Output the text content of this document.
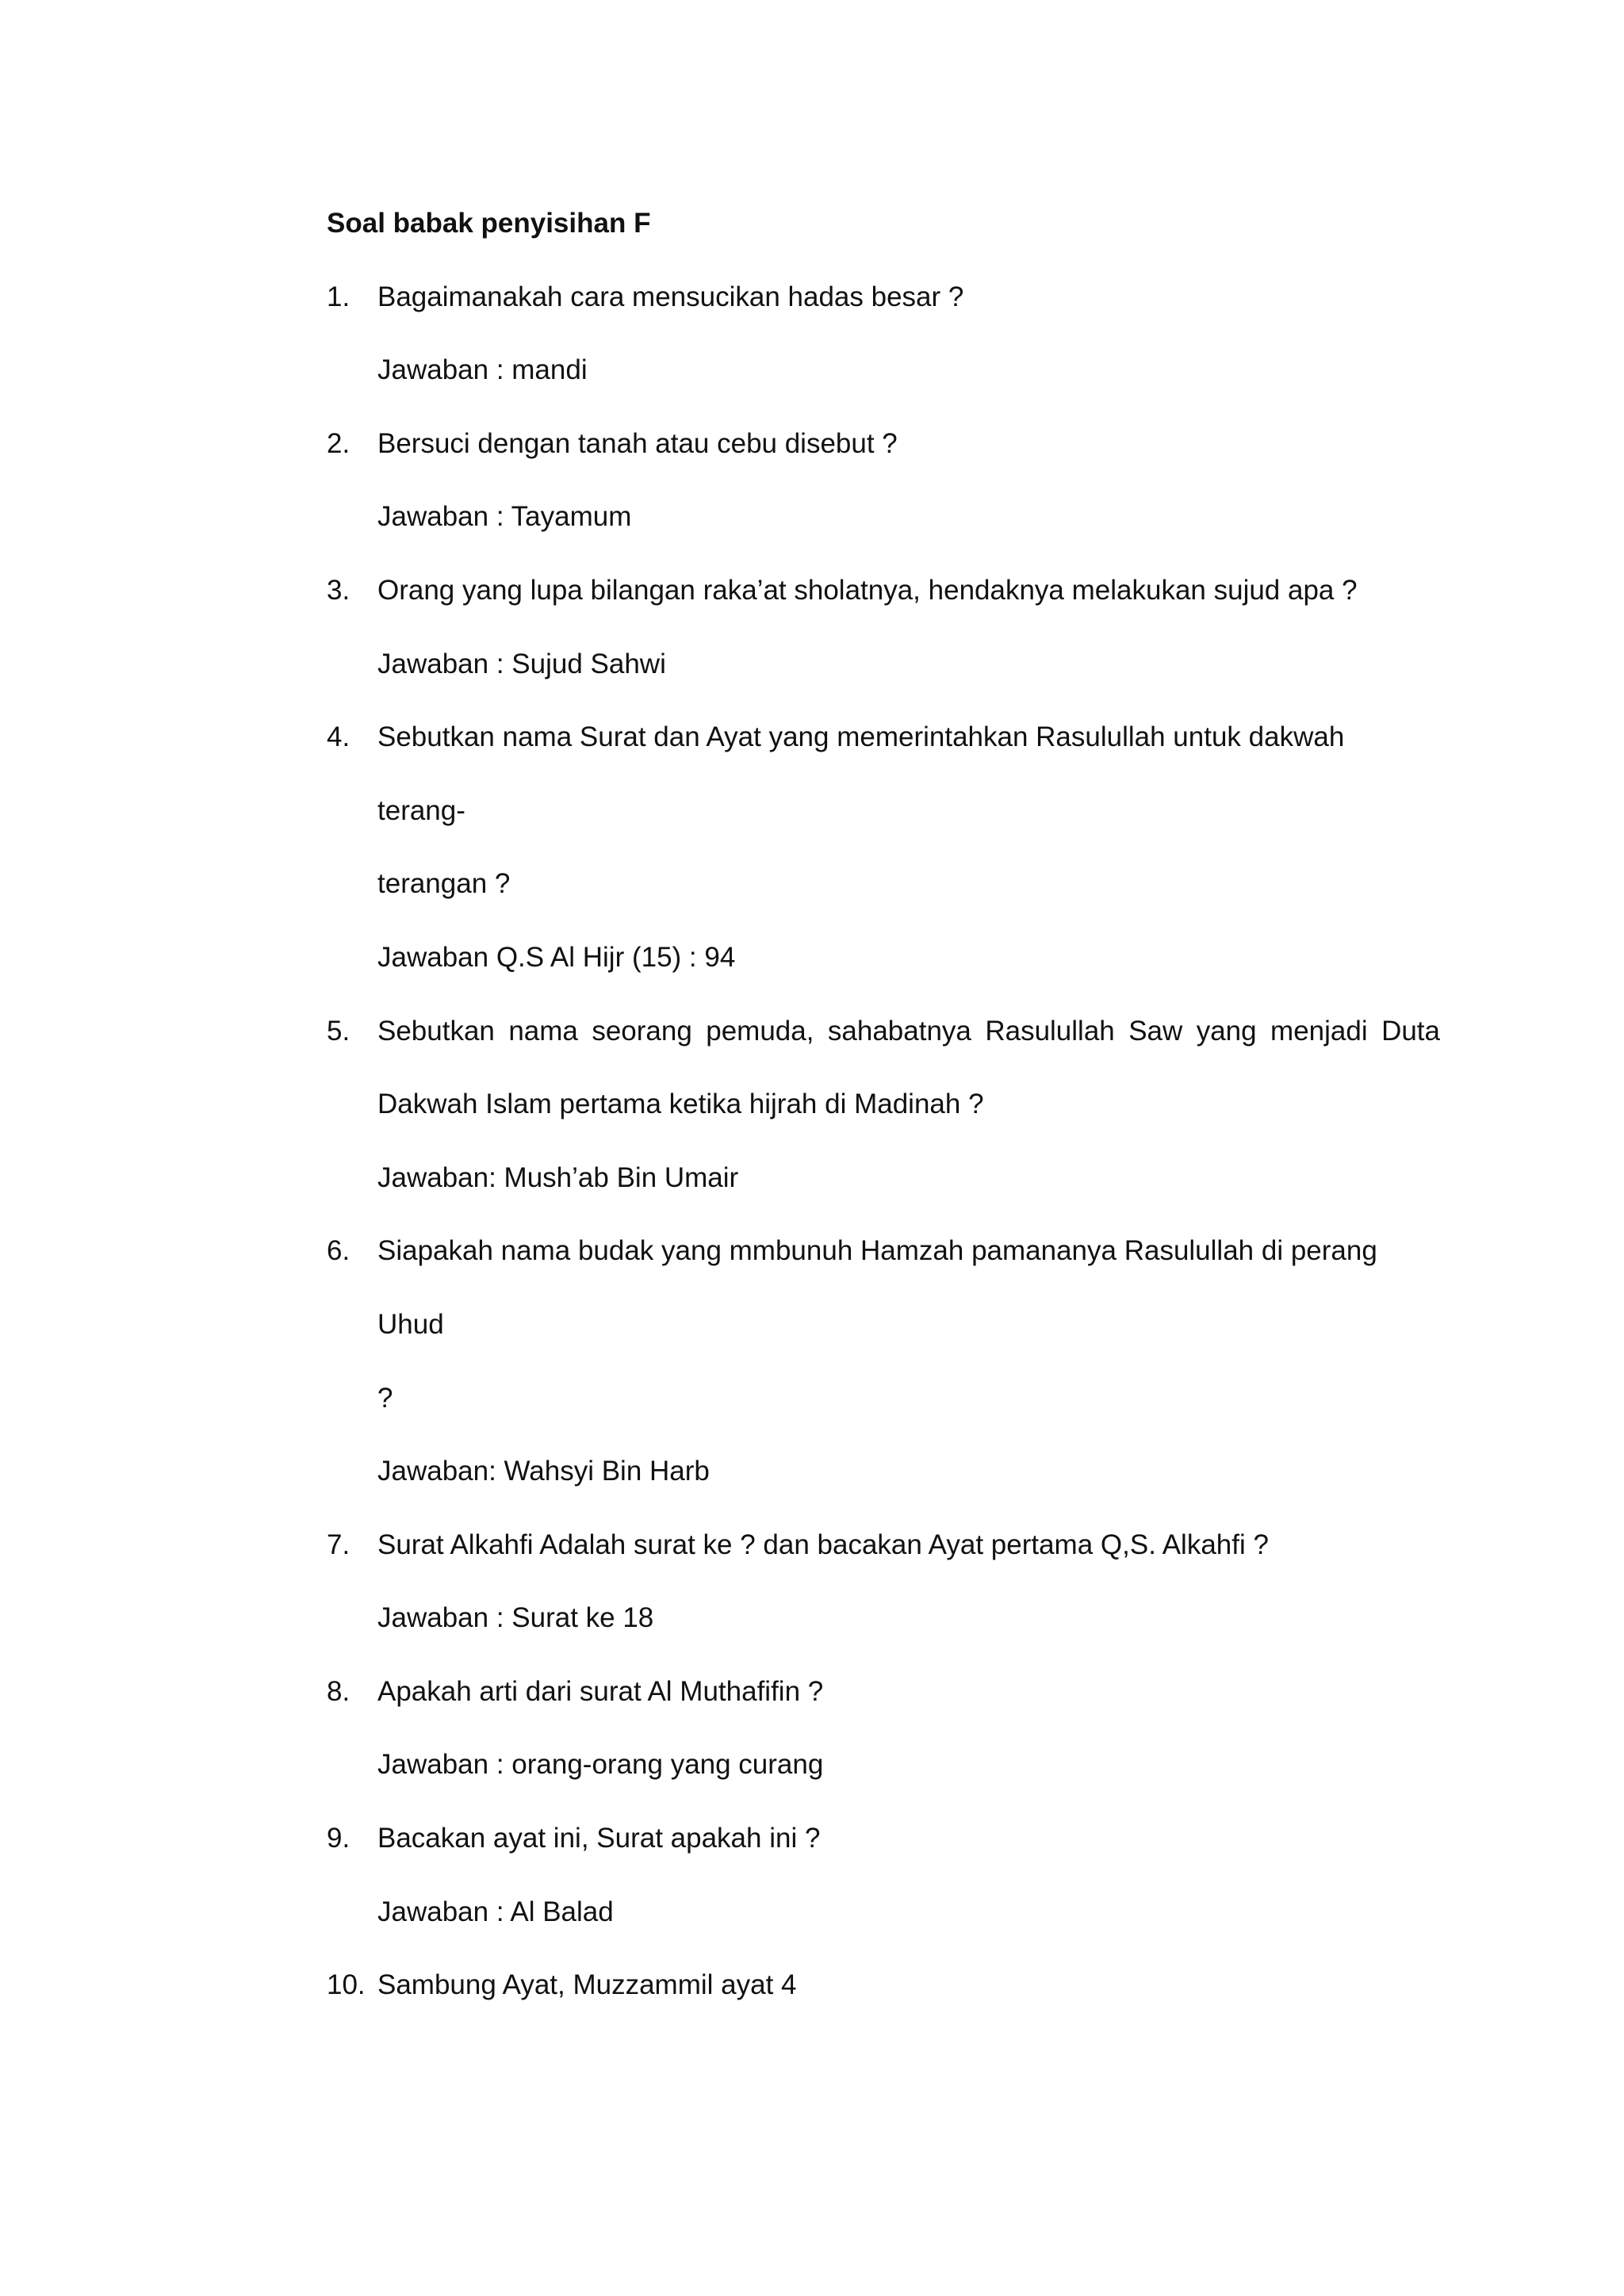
Soal babak penyisihan F
1. Bagaimanakah cara mensucikan hadas besar ?
Jawaban : mandi
2. Bersuci dengan tanah atau cebu disebut ?
Jawaban : Tayamum
3. Orang yang lupa bilangan raka’at sholatnya, hendaknya melakukan sujud apa ?
Jawaban : Sujud Sahwi
4. Sebutkan nama Surat dan Ayat yang memerintahkan Rasulullah untuk dakwah terang-
terangan ?
Jawaban Q.S Al Hijr (15) : 94
5. Sebutkan nama seorang pemuda, sahabatnya Rasulullah Saw yang menjadi Duta
Dakwah Islam pertama ketika hijrah di Madinah ?
Jawaban: Mush’ab Bin Umair
6. Siapakah nama budak yang mmbunuh Hamzah pamananya Rasulullah di perang Uhud
?
Jawaban: Wahsyi Bin Harb
7. Surat Alkahfi Adalah surat ke ? dan bacakan Ayat pertama Q,S. Alkahfi ?
Jawaban : Surat ke 18
8. Apakah arti dari surat Al Muthafifin ?
Jawaban : orang-orang yang curang
9. Bacakan ayat ini, Surat apakah ini ?
Jawaban : Al Balad
10. Sambung Ayat, Muzzammil ayat 4
